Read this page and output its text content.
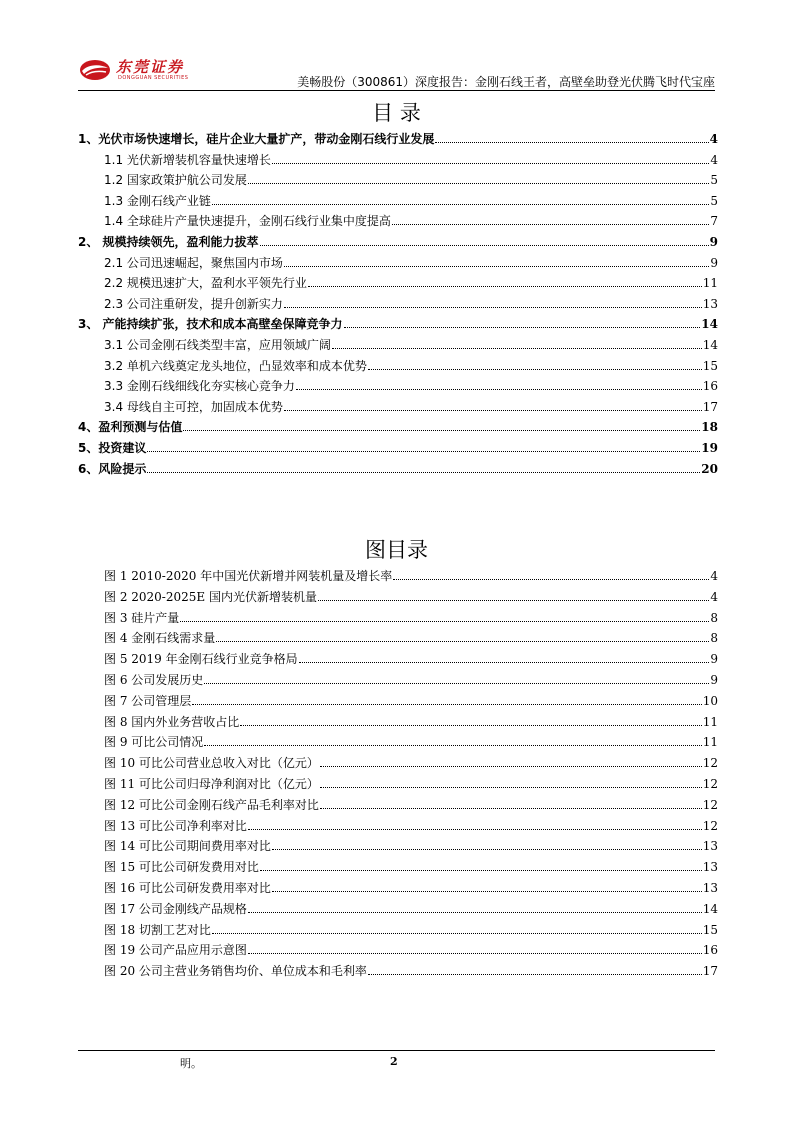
东莞证券
DONGGUAN SECURITIES	美畅股份（300861）深度报告：金刚石线王者，高壁垒助登光伏腾飞时代宝座
目 录
1、光伏市场快速增长，硅片企业大量扩产，带动金刚石线行业发展	4
1.1 光伏新增装机容量快速增长	4
1.2 国家政策护航公司发展	5
1.3 金刚石线产业链	5
1.4 全球硅片产量快速提升，金刚石线行业集中度提高	7
2、 规模持续领先，盈利能力拔萃	9
2.1 公司迅速崛起，聚焦国内市场	9
2.2 规模迅速扩大，盈利水平领先行业	11
2.3 公司注重研发，提升创新实力	13
3、 产能持续扩张，技术和成本高壁垒保障竞争力	14
3.1 公司金刚石线类型丰富，应用领域广阔	14
3.2 单机六线奠定龙头地位，凸显效率和成本优势	15
3.3 金刚石线细线化夯实核心竞争力	16
3.4 母线自主可控，加固成本优势	17
4、盈利预测与估值	18
5、投资建议	19
6、风险提示	20
图目录
图 1 2010-2020 年中国光伏新增并网装机量及增长率	4
图 2 2020-2025E 国内光伏新增装机量	4
图 3 硅片产量	8
图 4 金刚石线需求量	8
图 5 2019 年金刚石线行业竞争格局	9
图 6 公司发展历史	9
图 7 公司管理层	10
图 8 国内外业务营收占比	11
图 9 可比公司情况	11
图 10 可比公司营业总收入对比（亿元）	12
图 11 可比公司归母净利润对比（亿元）	12
图 12 可比公司金刚石线产品毛利率对比	12
图 13 可比公司净利率对比	12
图 14 可比公司期间费用率对比	13
图 15 可比公司研发费用对比	13
图 16 可比公司研发费用率对比	13
图 17 公司金刚线产品规格	14
图 18 切割工艺对比	15
图 19 公司产品应用示意图	16
图 20 公司主营业务销售均价、单位成本和毛利率	17
明。	2
